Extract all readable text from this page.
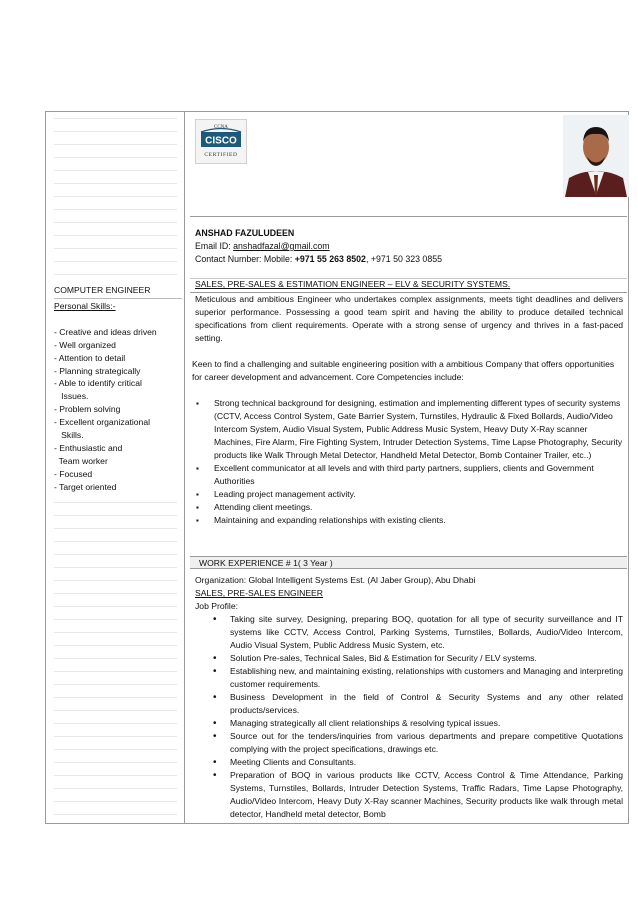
COMPUTER ENGINEER
Personal Skills:-
- Creative and ideas driven
- Well organized
- Attention to detail
- Planning strategically
- Able to identify critical
Issues.
- Problem solving
- Excellent organizational
Skills.
- Enthusiastic and
Team worker
- Focused
- Target oriented
CCNA
CISCO
CERTIFIED
ANSHAD FAZULUDEEN
Email ID: anshadfazal@gmail.com
Contact Number: Mobile: +971 55 263 8502, +971 50 323 0855
SALES, PRE-SALES & ESTIMATION ENGINEER – ELV & SECURITY SYSTEMS.

Meticulous and ambitious Engineer who undertakes complex assignments, meets tight deadlines and delivers superior performance. Possessing a good team spirit and having the ability to produce detailed technical specifications from client requirements. Operate with a strong sense of urgency and thrives in a fast-paced setting.

Keen to find a challenging and suitable engineering position with a ambitious Company that offers opportunities for career development and advancement. Core Competencies include:

▪ Strong technical background for designing, estimation and implementing different types of security systems (CCTV, Access Control System, Gate Barrier System, Turnstiles, Hydraulic & Fixed Bollards, Audio/Video Intercom System, Audio Visual System, Public Address Music System, Heavy Duty X-Ray scanner Machines, Fire Alarm, Fire Fighting System, Intruder Detection Systems, Time Lapse Photography, Security products like Walk Through Metal Detector, Handheld Metal Detector, Bomb Container Trailer, etc..)
▪ Excellent communicator at all levels and with third party partners, suppliers, clients and Government Authorities
▪ Leading project management activity.
▪ Attending client meetings.
▪ Maintaining and expanding relationships with existing clients.
WORK EXPERIENCE # 1( 3 Year )

Organization: Global Intelligent Systems Est. (Al Jaber Group), Abu Dhabi

SALES, PRE-SALES ENGINEER

Job Profile:

• Taking site survey, Designing, preparing BOQ, quotation for all type of security surveillance and IT systems like CCTV, Access Control, Parking Systems, Turnstiles, Bollards, Audio/Video Intercom, Audio Visual System, Public Address Music System, etc.
• Solution Pre-sales, Technical Sales, Bid & Estimation for Security / ELV systems.
• Establishing new, and maintaining existing, relationships with customers and Managing and interpreting customer requirements.
• Business Development in the field of Control & Security Systems and any other related products/services.
• Managing strategically all client relationships & resolving typical issues.
• Source out for the tenders/inquiries from various departments and prepare competitive Quotations complying with the project specifications, drawings etc.
• Meeting Clients and Consultants.
• Preparation of BOQ in various products like CCTV, Access Control & Time Attendance, Parking Systems, Turnstiles, Bollards, Intruder Detection Systems, Traffic Radars, Time Lapse Photography, Audio/Video Intercom, Heavy Duty X-Ray scanner Machines, Security products like walk through metal detector, Handheld metal detector, Bomb
